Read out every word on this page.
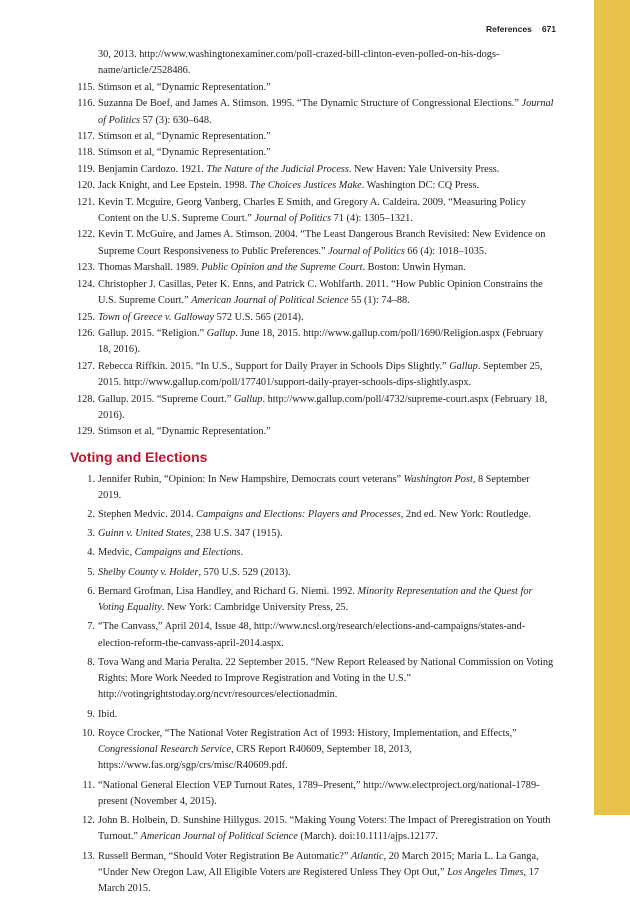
References 671
30, 2013. http://www.washingtonexaminer.com/poll-crazed-bill-clinton-even-polled-on-his-dogs-name/article/2528486.
115. Stimson et al, “Dynamic Representation.”
116. Suzanna De Boef, and James A. Stimson. 1995. “The Dynamic Structure of Congressional Elections.” Journal of Politics 57 (3): 630–648.
117. Stimson et al, “Dynamic Representation.”
118. Stimson et al, “Dynamic Representation.”
119. Benjamin Cardozo. 1921. The Nature of the Judicial Process. New Haven: Yale University Press.
120. Jack Knight, and Lee Epstein. 1998. The Choices Justices Make. Washington DC: CQ Press.
121. Kevin T. Mcguire, Georg Vanberg, Charles E Smith, and Gregory A. Caldeira. 2009. “Measuring Policy Content on the U.S. Supreme Court.” Journal of Politics 71 (4): 1305–1321.
122. Kevin T. McGuire, and James A. Stimson. 2004. “The Least Dangerous Branch Revisited: New Evidence on Supreme Court Responsiveness to Public Preferences.” Journal of Politics 66 (4): 1018–1035.
123. Thomas Marshall. 1989. Public Opinion and the Supreme Court. Boston: Unwin Hyman.
124. Christopher J. Casillas, Peter K. Enns, and Patrick C. Wohlfarth. 2011. “How Public Opinion Constrains the U.S. Supreme Court.” American Journal of Political Science 55 (1): 74–88.
125. Town of Greece v. Galloway 572 U.S. 565 (2014).
126. Gallup. 2015. “Religion.” Gallup. June 18, 2015. http://www.gallup.com/poll/1690/Religion.aspx (February 18, 2016).
127. Rebecca Riffkin. 2015. “In U.S., Support for Daily Prayer in Schools Dips Slightly.” Gallup. September 25, 2015. http://www.gallup.com/poll/177401/support-daily-prayer-schools-dips-slightly.aspx.
128. Gallup. 2015. “Supreme Court.” Gallup. http://www.gallup.com/poll/4732/supreme-court.aspx (February 18, 2016).
129. Stimson et al, “Dynamic Representation.”
Voting and Elections
1. Jennifer Rubin, “Opinion: In New Hampshire, Democrats court veterans” Washington Post, 8 September 2019.
2. Stephen Medvic. 2014. Campaigns and Elections: Players and Processes, 2nd ed. New York: Routledge.
3. Guinn v. United States, 238 U.S. 347 (1915).
4. Medvic, Campaigns and Elections.
5. Shelby County v. Holder, 570 U.S. 529 (2013).
6. Bernard Grofman, Lisa Handley, and Richard G. Niemi. 1992. Minority Representation and the Quest for Voting Equality. New York: Cambridge University Press, 25.
7. “The Canvass,” April 2014, Issue 48, http://www.ncsl.org/research/elections-and-campaigns/states-and-election-reform-the-canvass-april-2014.aspx.
8. Tova Wang and Maria Peralta. 22 September 2015. “New Report Released by National Commission on Voting Rights: More Work Needed to Improve Registration and Voting in the U.S.” http://votingrightstoday.org/ncvr/resources/electionadmin.
9. Ibid.
10. Royce Crocker, “The National Voter Registration Act of 1993: History, Implementation, and Effects,” Congressional Research Service, CRS Report R40609, September 18, 2013, https://www.fas.org/sgp/crs/misc/R40609.pdf.
11. “National General Election VEP Turnout Rates, 1789–Present,” http://www.electproject.org/national-1789-present (November 4, 2015).
12. John B. Holbein, D. Sunshine Hillygus. 2015. “Making Young Voters: The Impact of Preregistration on Youth Turnout.” American Journal of Political Science (March). doi:10.1111/ajps.12177.
13. Russell Berman, “Should Voter Registration Be Automatic?” Atlantic, 20 March 2015; Maria L. La Ganga, “Under New Oregon Law, All Eligible Voters are Registered Unless They Opt Out,” Los Angeles Times, 17 March 2015.
